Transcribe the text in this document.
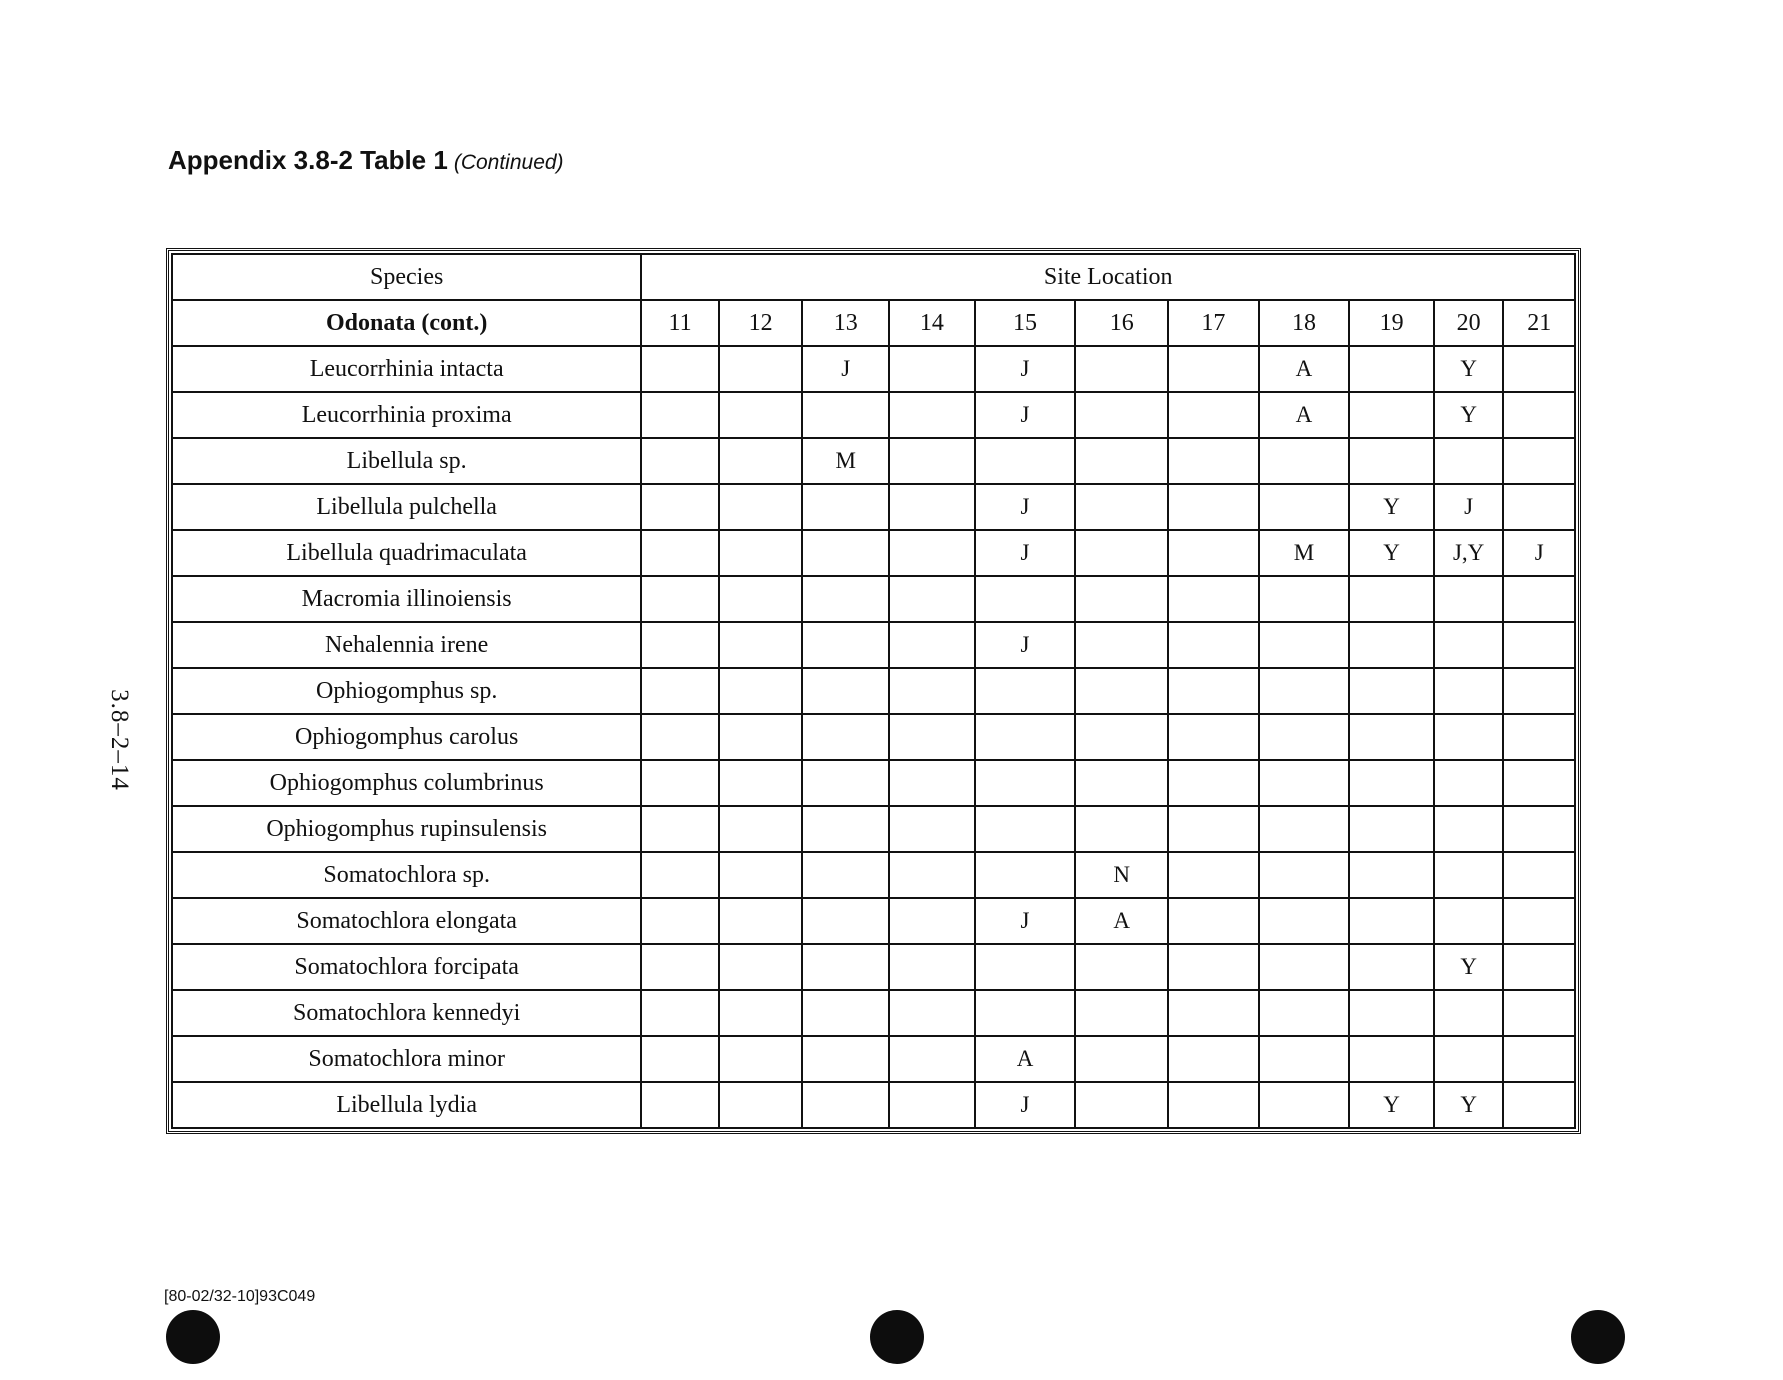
Appendix 3.8-2 Table 1 (Continued)
3.8–2–14
Species	Site Location										
Odonata (cont.)	11	12	13	14	15	16	17	18	19	20	21
Leucorrhinia intacta			J		J			A		Y	
Leucorrhinia proxima					J			A		Y	
Libellula sp.			M								
Libellula pulchella					J				Y	J	
Libellula quadrimaculata					J			M	Y	J,Y	J
Macromia illinoiensis											
Nehalennia irene					J						
Ophiogomphus sp.											
Ophiogomphus carolus											
Ophiogomphus columbrinus											
Ophiogomphus rupinsulensis											
Somatochlora sp.						N					
Somatochlora elongata					J	A					
Somatochlora forcipata										Y	
Somatochlora kennedyi											
Somatochlora minor					A						
Libellula lydia					J				Y	Y	
[80-02/32-10]93C049
